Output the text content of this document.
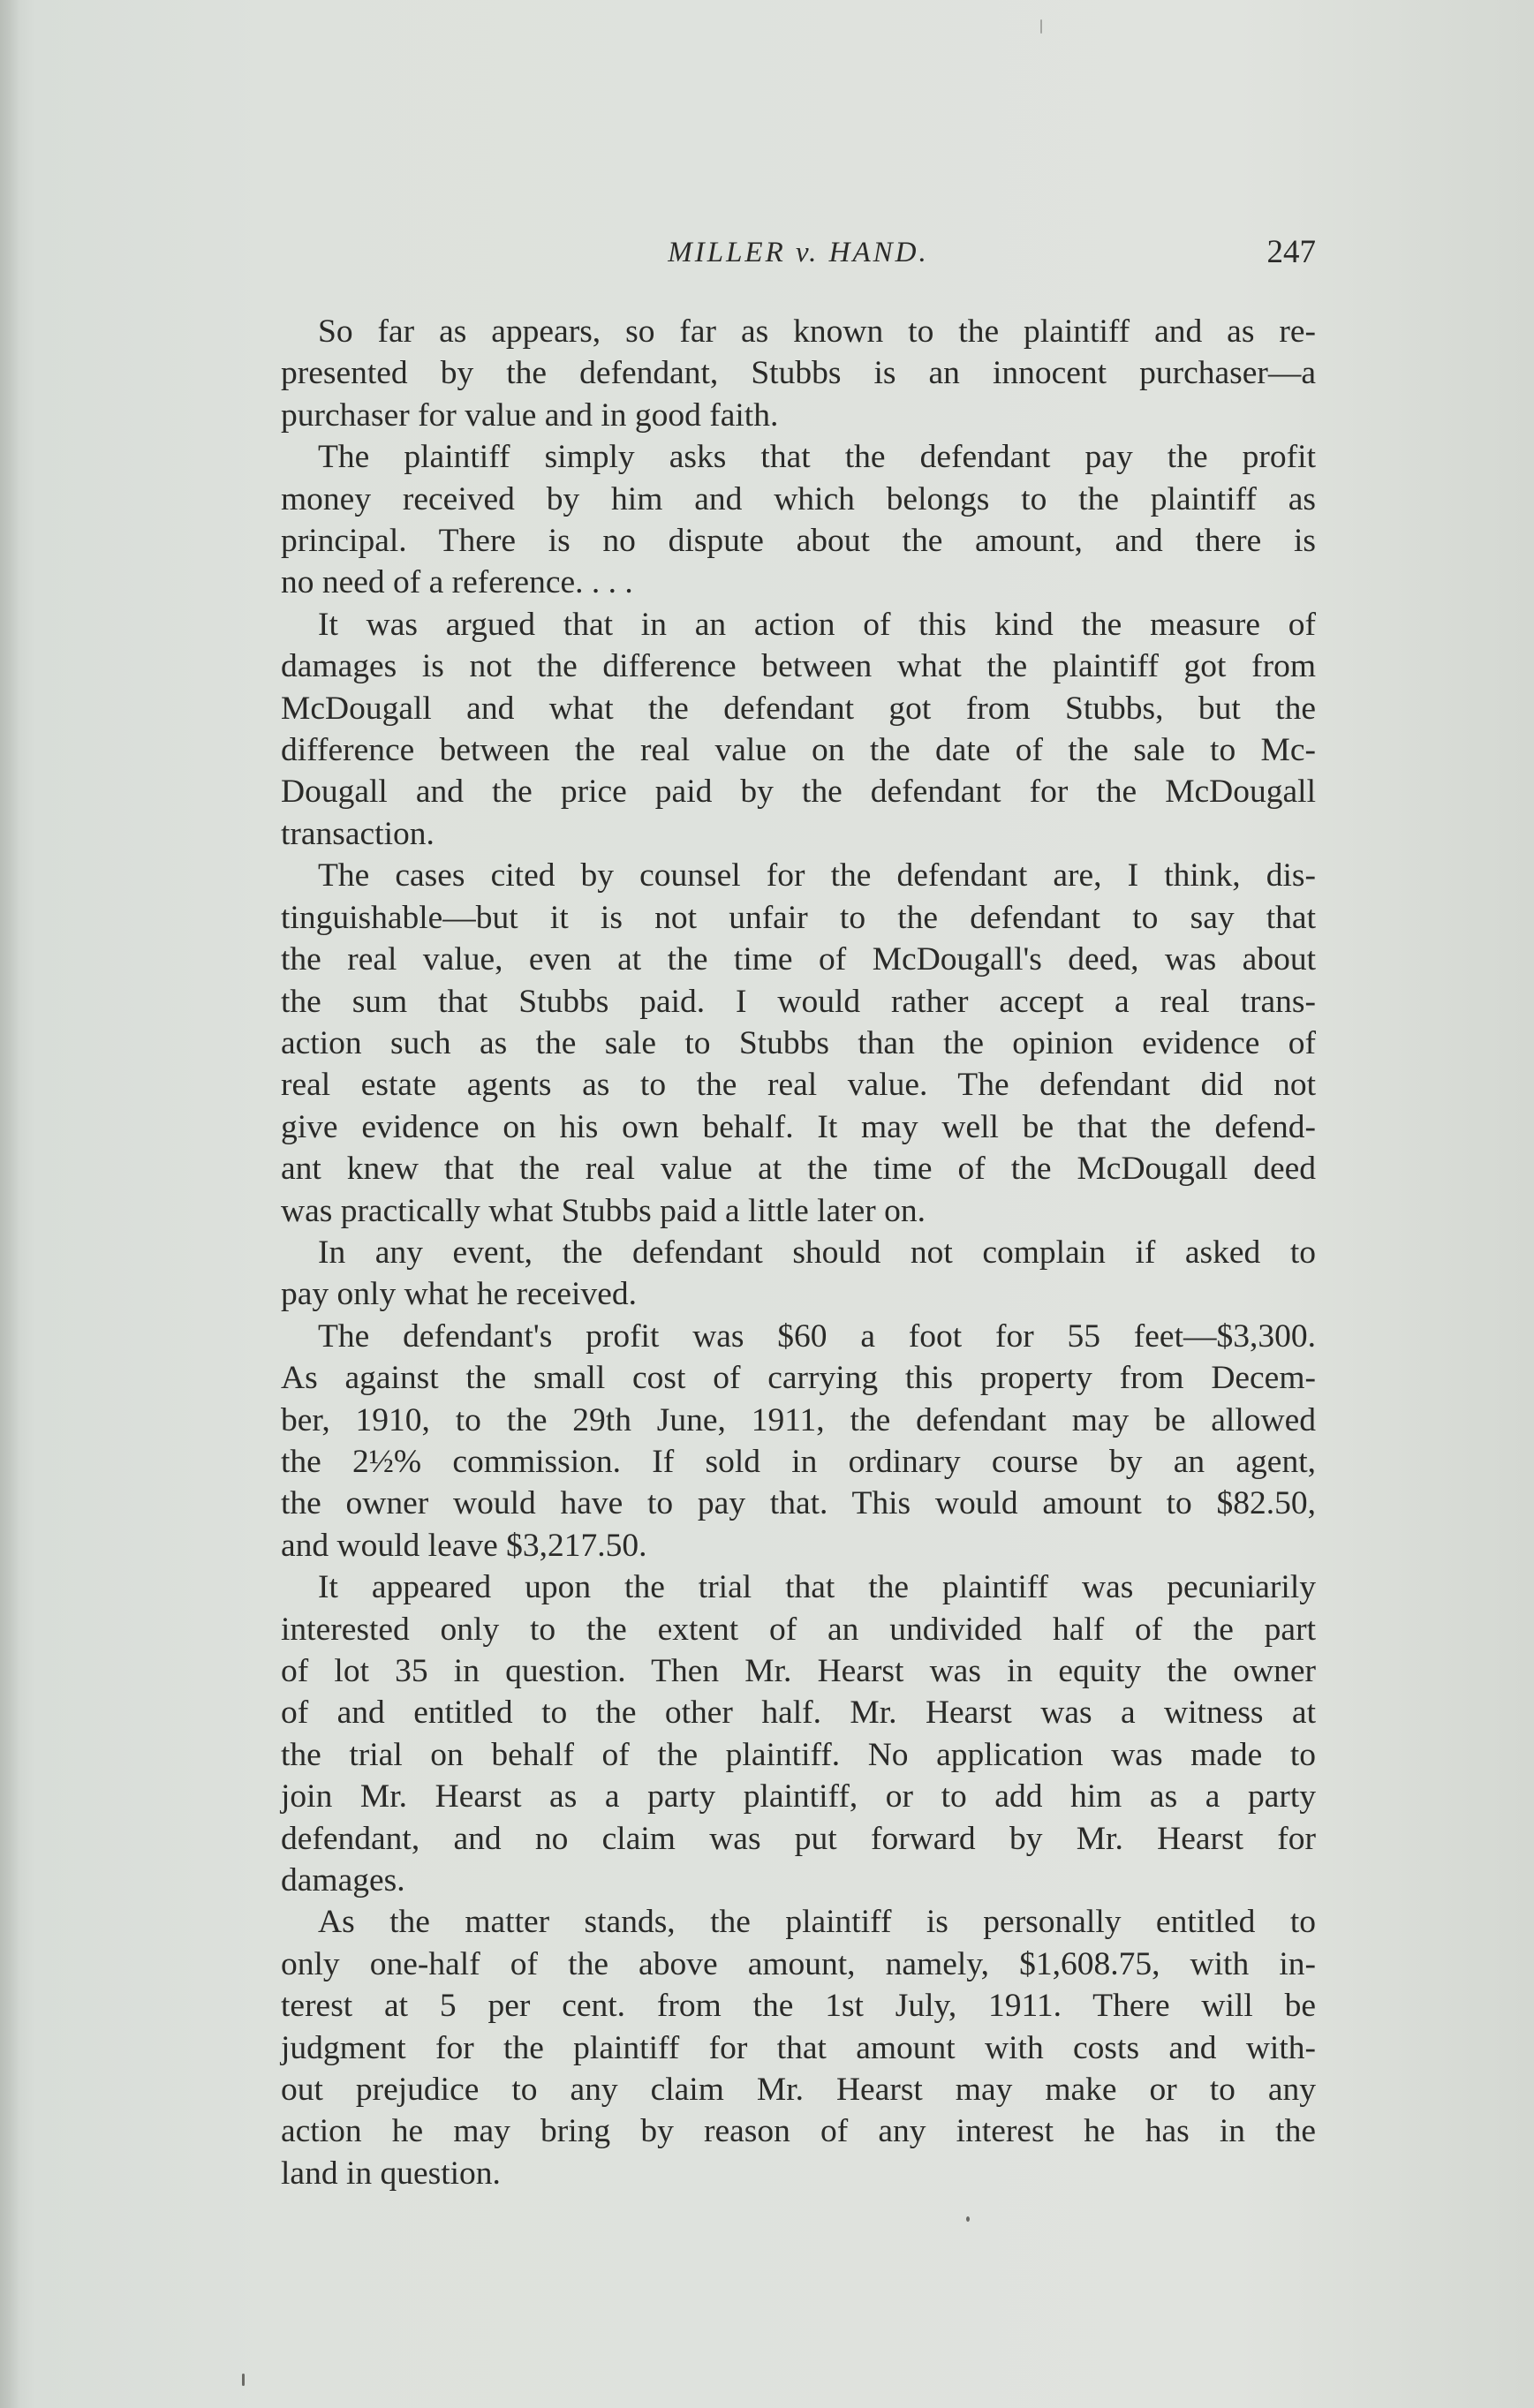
MILLER v. HAND.	247

So far as appears, so far as known to the plaintiff and as re-
presented by the defendant, Stubbs is an innocent purchaser—a
purchaser for value and in good faith.

The plaintiff simply asks that the defendant pay the profit
money received by him and which belongs to the plaintiff as
principal. There is no dispute about the amount, and there is
no need of a reference. . . .

It was argued that in an action of this kind the measure of
damages is not the difference between what the plaintiff got from
McDougall and what the defendant got from Stubbs, but the
difference between the real value on the date of the sale to Mc-
Dougall and the price paid by the defendant for the McDougall
transaction.

The cases cited by counsel for the defendant are, I think, dis-
tinguishable—but it is not unfair to the defendant to say that
the real value, even at the time of McDougall's deed, was about
the sum that Stubbs paid. I would rather accept a real trans-
action such as the sale to Stubbs than the opinion evidence of
real estate agents as to the real value. The defendant did not
give evidence on his own behalf. It may well be that the defend-
ant knew that the real value at the time of the McDougall deed
was practically what Stubbs paid a little later on.

In any event, the defendant should not complain if asked to
pay only what he received.

The defendant's profit was $60 a foot for 55 feet—$3,300.
As against the small cost of carrying this property from Decem-
ber, 1910, to the 29th June, 1911, the defendant may be allowed
the 2½% commission. If sold in ordinary course by an agent,
the owner would have to pay that. This would amount to $82.50,
and would leave $3,217.50.

It appeared upon the trial that the plaintiff was pecuniarily
interested only to the extent of an undivided half of the part
of lot 35 in question. Then Mr. Hearst was in equity the owner
of and entitled to the other half. Mr. Hearst was a witness at
the trial on behalf of the plaintiff. No application was made to
join Mr. Hearst as a party plaintiff, or to add him as a party
defendant, and no claim was put forward by Mr. Hearst for
damages.

As the matter stands, the plaintiff is personally entitled to
only one-half of the above amount, namely, $1,608.75, with in-
terest at 5 per cent. from the 1st July, 1911. There will be
judgment for the plaintiff for that amount with costs and with-
out prejudice to any claim Mr. Hearst may make or to any
action he may bring by reason of any interest he has in the
land in question.
